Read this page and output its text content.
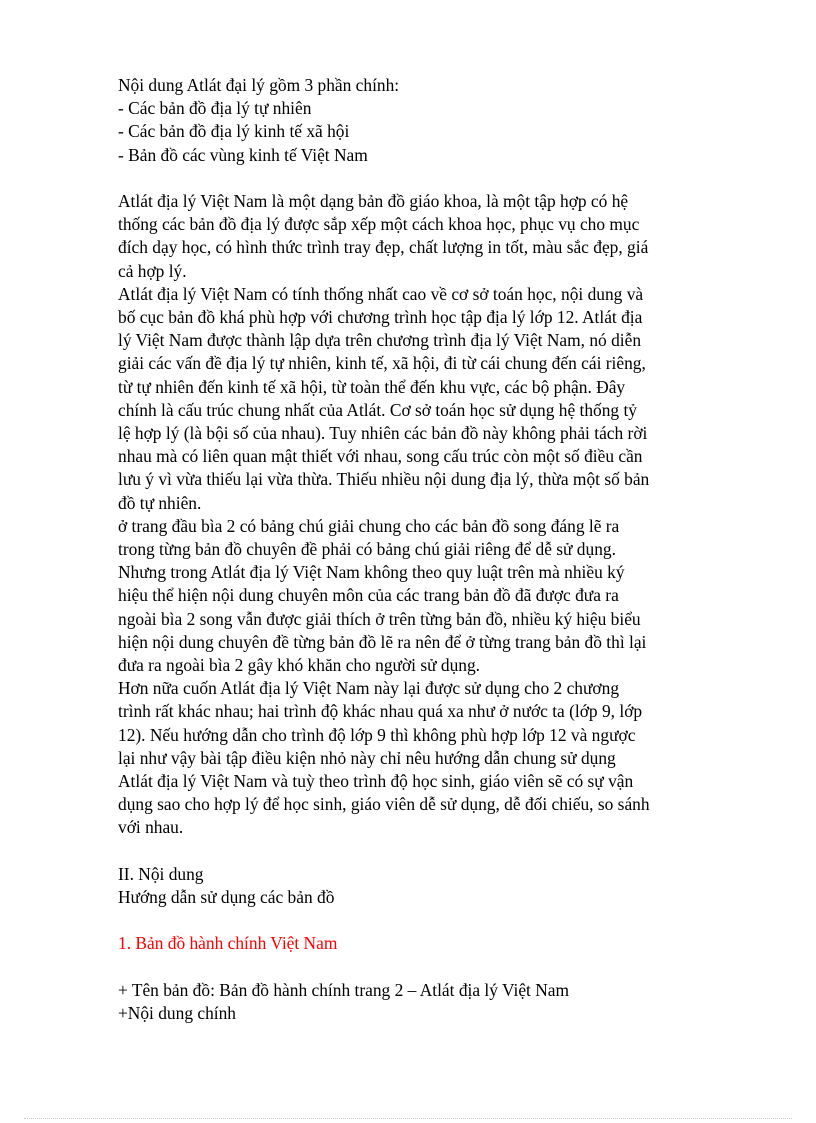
Nội dung Atlát đại lý gồm 3 phần chính:
- Các bản đồ địa lý tự nhiên
- Các bản đồ địa lý kinh tế xã hội
- Bản đồ các vùng kinh tế Việt Nam
Atlát địa lý Việt Nam là một dạng bản đồ giáo khoa, là một tập hợp có hệ
thống các bản đồ địa lý được sắp xếp một cách khoa học, phục vụ cho mục
đích dạy học, có hình thức trình tray đẹp, chất lượng in tốt, màu sắc đẹp, giá
cả hợp lý.
Atlát địa lý Việt Nam có tính thống nhất cao về cơ sở toán học, nội dung và
bố cục bản đồ khá phù hợp với chương trình học tập địa lý lớp 12. Atlát địa
lý Việt Nam được thành lập dựa trên chương trình địa lý Việt Nam, nó diễn
giải các vấn đề địa lý tự nhiên, kinh tế, xã hội, đi từ cái chung đến cái riêng,
từ tự nhiên đến kinh tế xã hội, từ toàn thể đến khu vực, các bộ phận. Đây
chính là cấu trúc chung nhất của Atlát. Cơ sở toán học sử dụng hệ thống tỷ
lệ hợp lý (là bội số của nhau). Tuy nhiên các bản đồ này không phải tách rời
nhau mà có liên quan mật thiết với nhau, song cấu trúc còn một số điều cần
lưu ý vì vừa thiếu lại vừa thừa. Thiếu nhiều nội dung địa lý, thừa một số bản
đồ tự nhiên.
ở trang đầu bìa 2 có bảng chú giải chung cho các bản đồ song đáng lẽ ra
trong từng bản đồ chuyên đề phải có bảng chú giải riêng để dễ sử dụng.
Nhưng trong Atlát địa lý Việt Nam không theo quy luật trên mà nhiều ký
hiệu thể hiện nội dung chuyên môn của các trang bản đồ đã được đưa ra
ngoài bìa 2 song vẫn được giải thích ở trên từng bản đồ, nhiều ký hiệu biểu
hiện nội dung chuyên đề từng bản đồ lẽ ra nên để ở từng trang bản đồ thì lại
đưa ra ngoài bìa 2 gây khó khăn cho người sử dụng.
Hơn nữa cuốn Atlát địa lý Việt Nam này lại được sử dụng cho 2 chương
trình rất khác nhau; hai trình độ khác nhau quá xa như ở nước ta (lớp 9, lớp
12). Nếu hướng dẫn cho trình độ lớp 9 thì không phù hợp lớp 12 và ngược
lại như vậy bài tập điều kiện nhỏ này chỉ nêu hướng dẫn chung sử dụng
Atlát địa lý Việt Nam và tuỳ theo trình độ học sinh, giáo viên sẽ có sự vận
dụng sao cho hợp lý để học sinh, giáo viên dễ sử dụng, dễ đối chiếu, so sánh
với nhau.
II. Nội dung
Hướng dẫn sử dụng các bản đồ
1. Bản đồ hành chính Việt Nam
+ Tên bản đồ: Bản đồ hành chính trang 2 – Atlát địa lý Việt Nam
+Nội dung chính
